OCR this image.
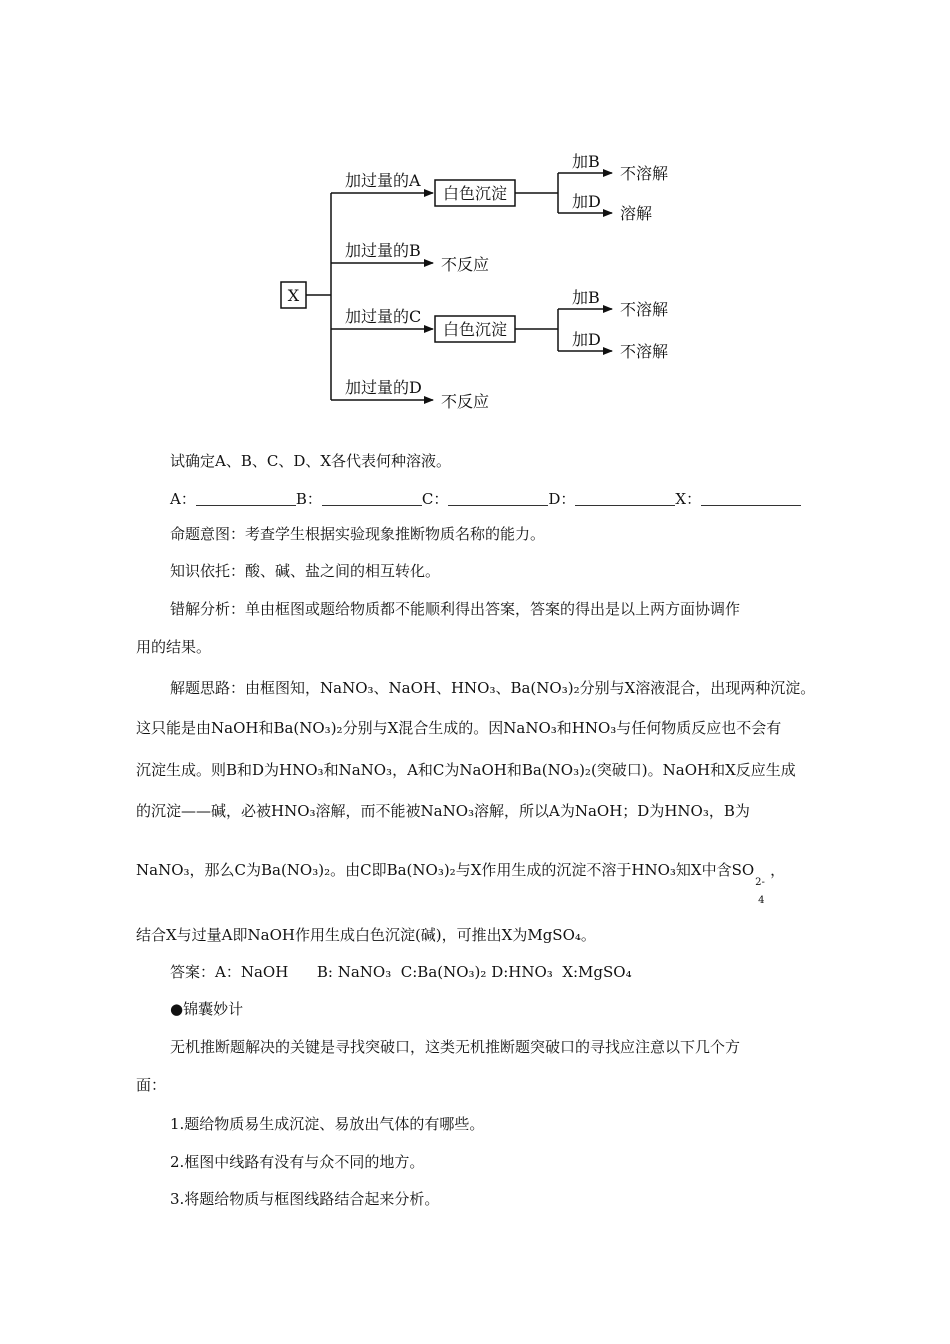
X
加过量的A
白色沉淀
加过量的B
不反应
加过量的C
白色沉淀
加过量的D
不反应
加B
不溶解
加D
溶解
加B
不溶解
加D
不溶解
试确定A、B、C、D、X各代表何种溶液。
A：	B：	C：	D：	X：
命题意图：考查学生根据实验现象推断物质名称的能力。
知识依托：酸、碱、盐之间的相互转化。
错解分析：单由框图或题给物质都不能顺利得出答案，答案的得出是以上两方面协调作
用的结果。
解题思路：由框图知，NaNO₃、NaOH、HNO₃、Ba(NO₃)₂分别与X溶液混合，出现两种沉淀。
这只能是由NaOH和Ba(NO₃)₂分别与X混合生成的。因NaNO₃和HNO₃与任何物质反应也不会有
沉淀生成。则B和D为HNO₃和NaNO₃，A和C为NaOH和Ba(NO₃)₂(突破口)。NaOH和X反应生成
的沉淀——碱，必被HNO₃溶解，而不能被NaNO₃溶解，所以A为NaOH；D为HNO₃，B为
NaNO₃，那么C为Ba(NO₃)₂。由C即Ba(NO₃)₂与X作用生成的沉淀不溶于HNO₃知X中含SO
2-
4
，
结合X与过量A即NaOH作用生成白色沉淀(碱)，可推出X为MgSO₄。
答案：A：NaOH      B: NaNO₃  C:Ba(NO₃)₂ D:HNO₃  X:MgSO₄
●锦囊妙计
无机推断题解决的关键是寻找突破口，这类无机推断题突破口的寻找应注意以下几个方
面：
1.题给物质易生成沉淀、易放出气体的有哪些。
2.框图中线路有没有与众不同的地方。
3.将题给物质与框图线路结合起来分析。
